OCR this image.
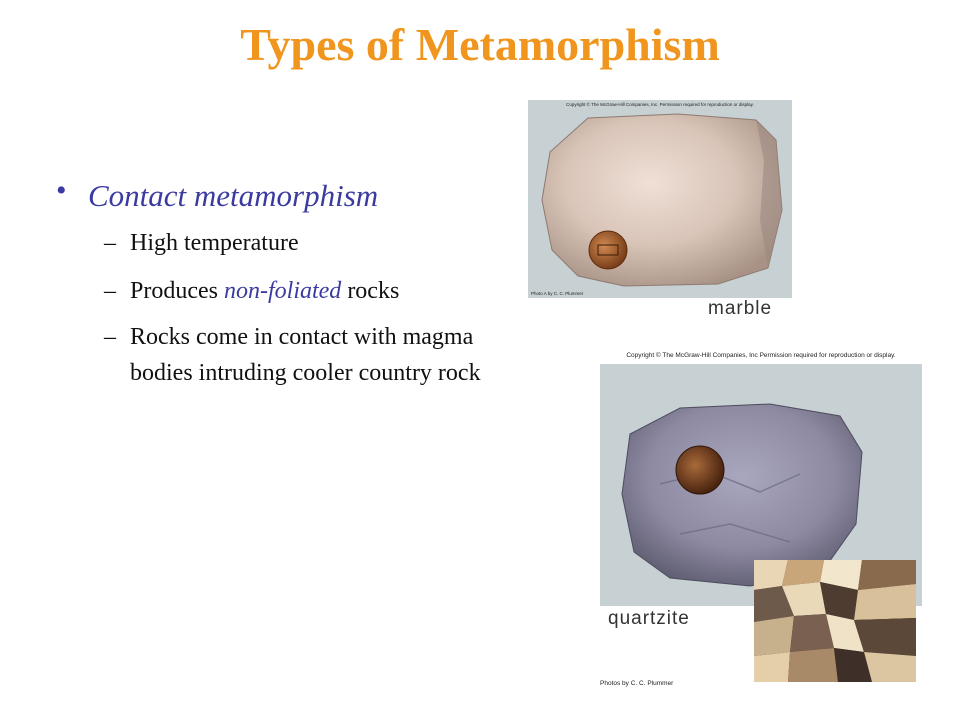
Types of Metamorphism
• Contact metamorphism
– High temperature
– Produces non-foliated rocks
– Rocks come in contact with magma
bodies intruding cooler country rock
Copyright © The McGraw-Hill Companies, Inc. Permission required for reproduction or display.
Photo A by C. C. Plummer
marble
Copyright © The McGraw-Hill Companies, Inc Permission required for reproduction or display.
quartzite
Photos by C. C. Plummer
